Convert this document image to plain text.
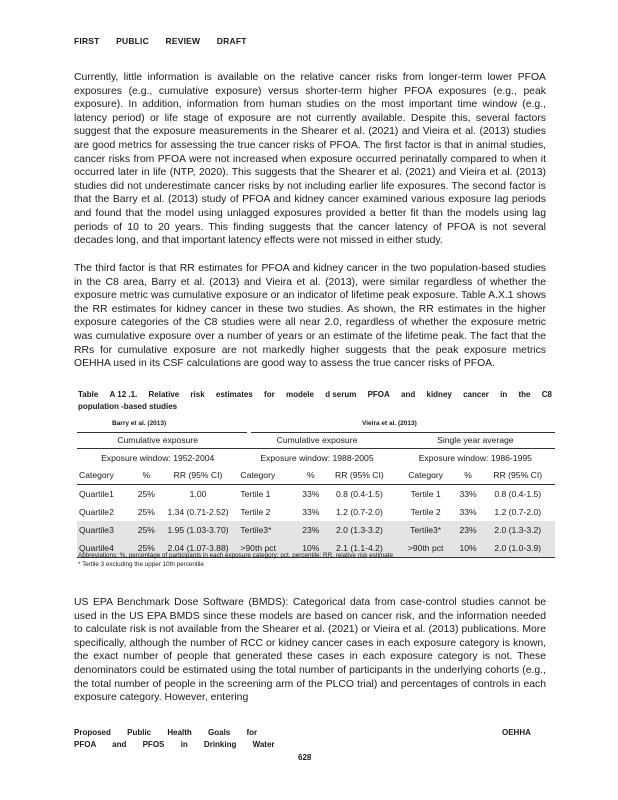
FIRST PUBLIC REVIEW DRAFT

Currently, little information is available on the relative cancer risks from longer-term lower PFOA exposures (e.g., cumulative exposure) versus shorter-term higher PFOA exposures (e.g., peak exposure). In addition, information from human studies on the most important time window (e.g., latency period) or life stage of exposure are not currently available. Despite this, several factors suggest that the exposure measurements in the Shearer et al. (2021) and Vieira et al. (2013) studies are good metrics for assessing the true cancer risks of PFOA. The first factor is that in animal studies, cancer risks from PFOA were not increased when exposure occurred perinatally compared to when it occurred later in life (NTP, 2020). This suggests that the Shearer et al. (2021) and Vieira et al. (2013) studies did not underestimate cancer risks by not including earlier life exposures. The second factor is that the Barry et al. (2013) study of PFOA and kidney cancer examined various exposure lag periods and found that the model using unlagged exposures provided a better fit than the models using lag periods of 10 to 20 years. This finding suggests that the cancer latency of PFOA is not several decades long, and that important latency effects were not missed in either study.

The third factor is that RR estimates for PFOA and kidney cancer in the two population-based studies in the C8 area, Barry et al. (2013) and Vieira et al. (2013), were similar regardless of whether the exposure metric was cumulative exposure or an indicator of lifetime peak exposure. Table A.X.1 shows the RR estimates for kidney cancer in these two studies. As shown, the RR estimates in the higher exposure categories of the C8 studies were all near 2.0, regardless of whether the exposure metric was cumulative exposure over a number of years or an estimate of the lifetime peak. The fact that the RRs for cumulative exposure are not markedly higher suggests that the peak exposure metrics OEHHA used in its CSF calculations are good way to assess the true cancer risks of PFOA.

Table A 12 .1. Relative risk estimates for modele d serum PFOA and kidney cancer in the C8
population -based studies
Barry et al. (2013)	Vieira et al. (2013)
Cumulative exposure			Cumulative exposure			Single year average		
Exposure window: 1952-2004			Exposure window: 1988-2005			Exposure window: 1986-1995		
Category	%	RR (95% CI)	Category	%	RR (95% CI)	Category	%	RR (95% CI)
Quartile1	25%	1.00	Tertile 1	33%	0.8 (0.4-1.5)	Tertile 1	33%	0.8 (0.4-1.5)
Quartile2	25%	1.34 (0.71-2.52)	Tertile 2	33%	1.2 (0.7-2.0)	Tertile 2	33%	1.2 (0.7-2.0)
Quartile3	25%	1.95 (1.03-3.70)	Tertile3*	23%	2.0 (1.3-3.2)	Tertile3*	23%	2.0 (1.3-3.2)
Quartile4	25%	2.04 (1.07-3.88)	>90th pct	10%	2.1 (1.1-4.2)	>90th pct	10%	2.0 (1.0-3.9)
Abbreviations: %, percentage of participants in each exposure category; pct, percentile; RR, relative risk estimate
* Tertile 3 excluding the upper 10th percentile

US EPA Benchmark Dose Software (BMDS): Categorical data from case-control studies cannot be used in the US EPA BMDS since these models are based on cancer risk, and the information needed to calculate risk is not available from the Shearer et al. (2021) or Vieira et al. (2013) publications. More specifically, although the number of RCC or kidney cancer cases in each exposure category is known, the exact number of people that generated these cases in each exposure category is not. These denominators could be estimated using the total number of participants in the underlying cohorts (e.g., the total number of people in the screening arm of the PLCO trial) and percentages of controls in each exposure category. However, entering

Proposed Public Health Goals for
PFOA and PFOS in Drinking Water
OEHHA
628
